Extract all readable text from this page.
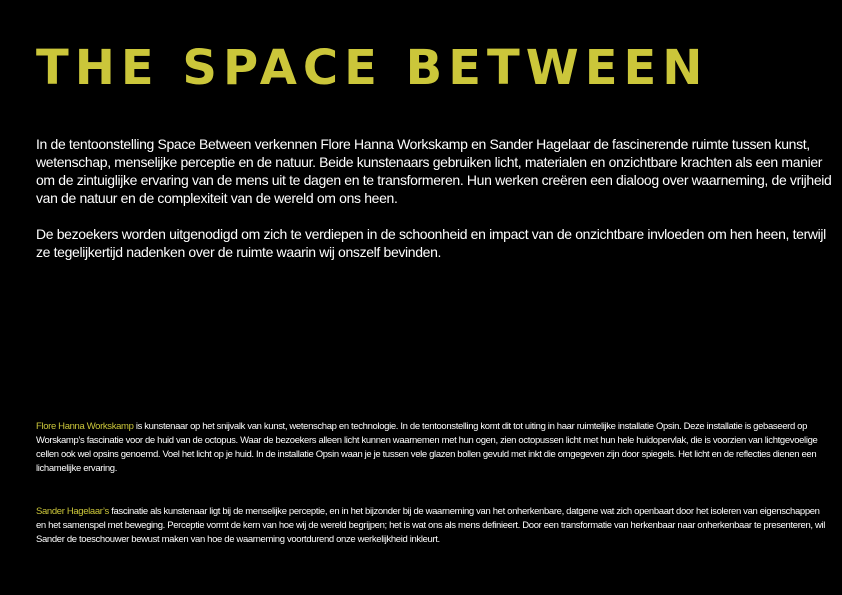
THE SPACE BETWEEN

In de tentoonstelling Space Between verkennen Flore Hanna Workskamp en Sander Hagelaar de fascinerende ruimte tussen kunst, wetenschap, menselijke perceptie en de natuur. Beide kunstenaars gebruiken licht, materialen en onzichtbare krachten als een manier om de zintuiglijke ervaring van de mens uit te dagen en te transformeren. Hun werken creëren een dialoog over waarneming, de vrijheid van de natuur en de complexiteit van de wereld om ons heen.

De bezoekers worden uitgenodigd om zich te verdiepen in de schoonheid en impact van de onzichtbare invloeden om hen heen, terwijl ze tegelijkertijd nadenken over de ruimte waarin wij onszelf bevinden.

Flore Hanna Workskamp is kunstenaar op het snijvalk van kunst, wetenschap en technologie. In de tentoonstelling komt dit tot uiting in haar ruimtelijke installatie Opsin. Deze installatie is gebaseerd op Worskamp’s fascinatie voor de huid van de octopus. Waar de bezoekers alleen licht kunnen waarnemen met hun ogen, zien octopussen licht met hun hele huidopervlak, die is voorzien van lichtgevoelige cellen ook wel opsins genoemd. Voel het licht op je huid. In de installatie Opsin waan je je tussen vele glazen bollen gevuld met inkt die omgegeven zijn door spiegels. Het licht en de reflecties dienen een lichamelijke ervaring.

Sander Hagelaar’s fascinatie als kunstenaar ligt bij de menselijke perceptie, en in het bijzonder bij de waarneming van het onherkenbare, datgene wat zich openbaart door het isoleren van eigenschappen en het samenspel met beweging. Perceptie vormt de kern van hoe wij de wereld begrijpen; het is wat ons als mens definieert. Door een transformatie van herkenbaar naar onherkenbaar te presenteren, wil Sander de toeschouwer bewust maken van hoe de waarneming voortdurend onze werkelijkheid inkleurt.
